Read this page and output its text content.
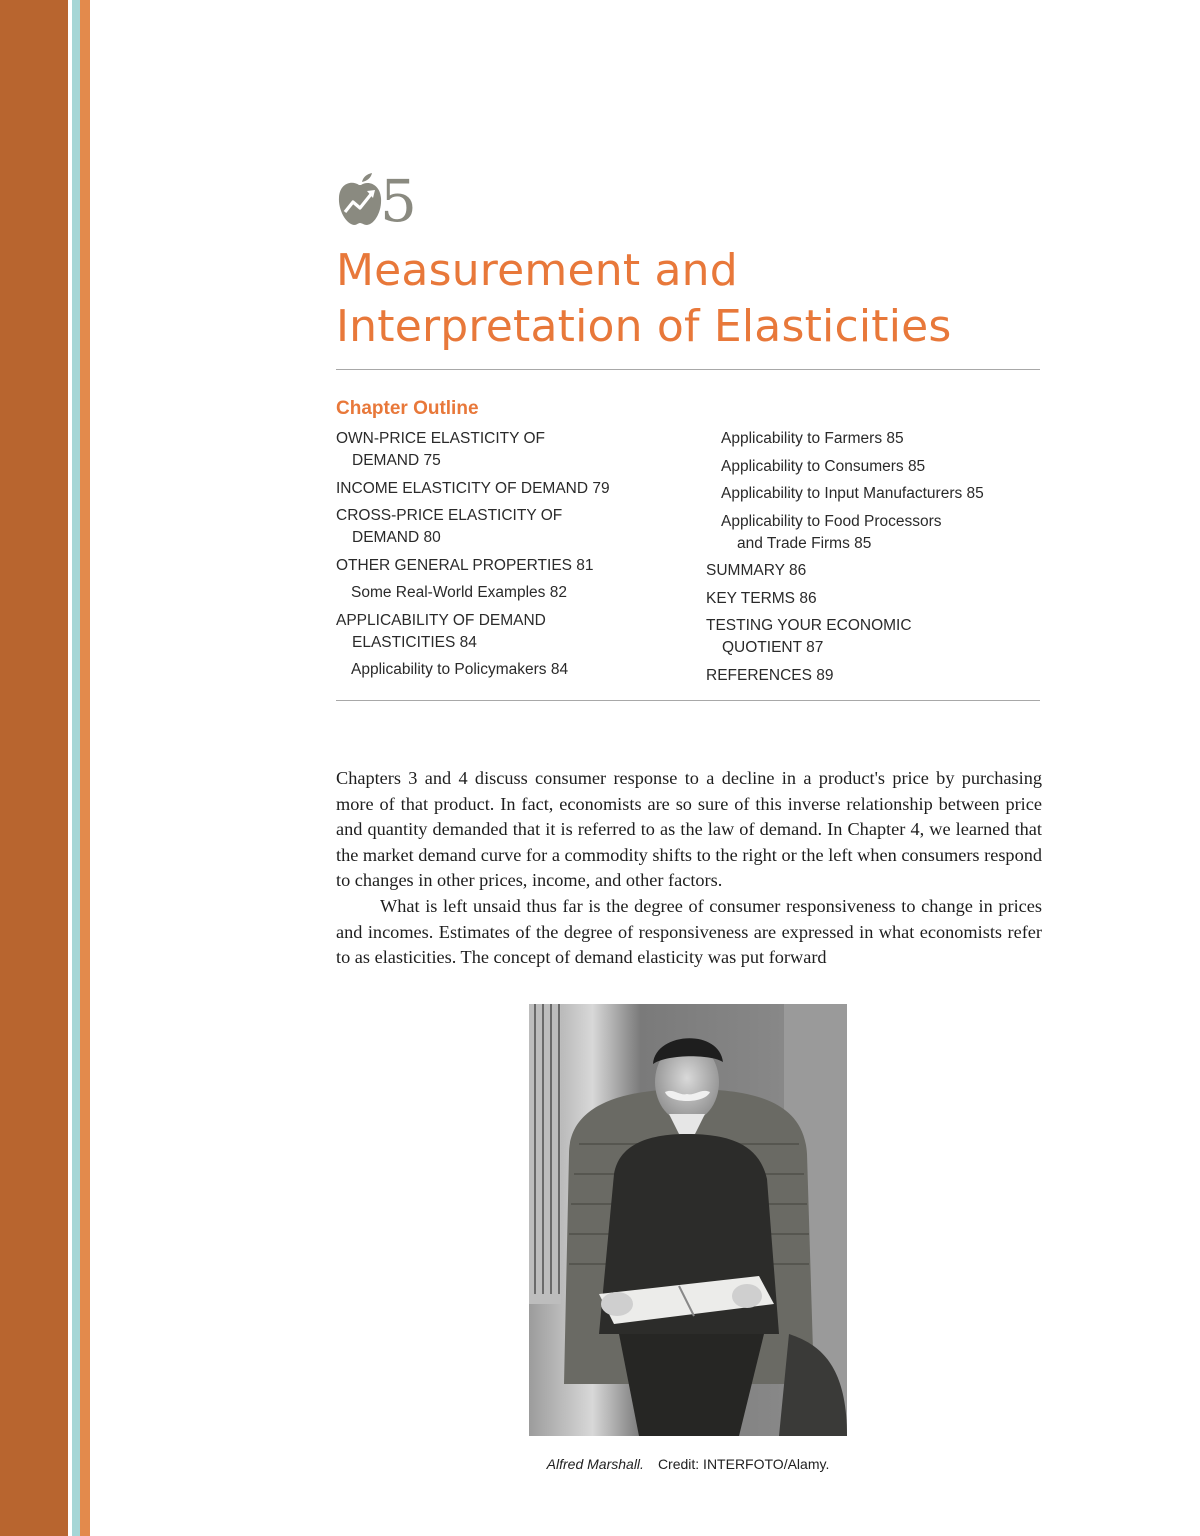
5
Measurement and
Interpretation of Elasticities
Chapter Outline
OWN-PRICE ELASTICITY OF
DEMAND 75
INCOME ELASTICITY OF DEMAND 79
CROSS-PRICE ELASTICITY OF
DEMAND 80
OTHER GENERAL PROPERTIES 81
Some Real-World Examples 82
APPLICABILITY OF DEMAND
ELASTICITIES 84
Applicability to Policymakers 84
Applicability to Farmers 85
Applicability to Consumers 85
Applicability to Input Manufacturers 85
Applicability to Food Processors
and Trade Firms 85
SUMMARY 86
KEY TERMS 86
TESTING YOUR ECONOMIC
QUOTIENT 87
REFERENCES 89

Chapters 3 and 4 discuss consumer response to a decline in a product's price by purchasing more of that product. In fact, economists are so sure of this inverse relationship between price and quantity demanded that it is referred to as the law of demand. In Chapter 4, we learned that the market demand curve for a commodity shifts to the right or the left when consumers respond to changes in other prices, income, and other factors.

What is left unsaid thus far is the degree of consumer responsiveness to change in prices and incomes. Estimates of the degree of responsiveness are expressed in what economists refer to as elasticities. The concept of demand elasticity was put forward

Alfred Marshall. Credit: INTERFOTO/Alamy.
